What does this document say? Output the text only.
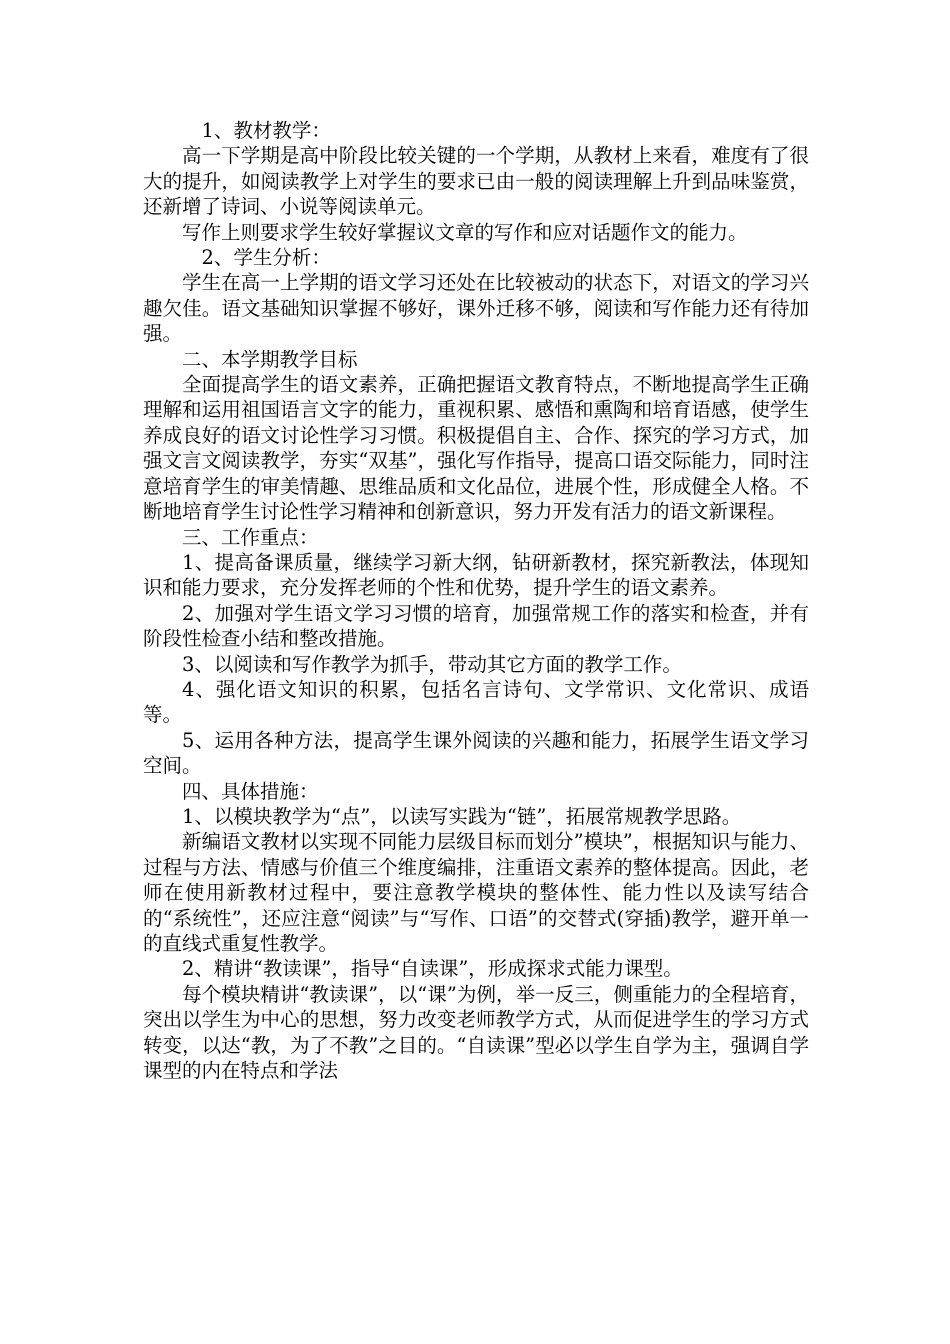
1、教材教学：

高一下学期是高中阶段比较关键的一个学期，从教材上来看，难度有了很大的提升，如阅读教学上对学生的要求已由一般的阅读理解上升到品味鉴赏，还新增了诗词、小说等阅读单元。

写作上则要求学生较好掌握议文章的写作和应对话题作文的能力。

2、学生分析：

学生在高一上学期的语文学习还处在比较被动的状态下，对语文的学习兴趣欠佳。语文基础知识掌握不够好，课外迁移不够，阅读和写作能力还有待加强。

二、本学期教学目标

全面提高学生的语文素养，正确把握语文教育特点，不断地提高学生正确理解和运用祖国语言文字的能力，重视积累、感悟和熏陶和培育语感，使学生养成良好的语文讨论性学习习惯。积极提倡自主、合作、探究的学习方式，加强文言文阅读教学，夯实“双基”，强化写作指导，提高口语交际能力，同时注意培育学生的审美情趣、思维品质和文化品位，进展个性，形成健全人格。不断地培育学生讨论性学习精神和创新意识，努力开发有活力的语文新课程。

三、工作重点：

1、提高备课质量，继续学习新大纲，钻研新教材，探究新教法，体现知识和能力要求，充分发挥老师的个性和优势，提升学生的语文素养。

2、加强对学生语文学习习惯的培育，加强常规工作的落实和检查，并有阶段性检查小结和整改措施。

3、以阅读和写作教学为抓手，带动其它方面的教学工作。

4、强化语文知识的积累，包括名言诗句、文学常识、文化常识、成语等。

5、运用各种方法，提高学生课外阅读的兴趣和能力，拓展学生语文学习空间。

四、具体措施：

1、以模块教学为“点”，以读写实践为“链”，拓展常规教学思路。

新编语文教材以实现不同能力层级目标而划分”模块”，根据知识与能力、过程与方法、情感与价值三个维度编排，注重语文素养的整体提高。因此，老师在使用新教材过程中，要注意教学模块的整体性、能力性以及读写结合的“系统性”，还应注意“阅读”与“写作、口语”的交替式(穿插)教学，避开单一的直线式重复性教学。

2、精讲“教读课”，指导“自读课”，形成探求式能力课型。

每个模块精讲“教读课”，以“课”为例，举一反三，侧重能力的全程培育，突出以学生为中心的思想，努力改变老师教学方式，从而促进学生的学习方式转变，以达“教，为了不教”之目的。“自读课”型必以学生自学为主，强调自学课型的内在特点和学法
